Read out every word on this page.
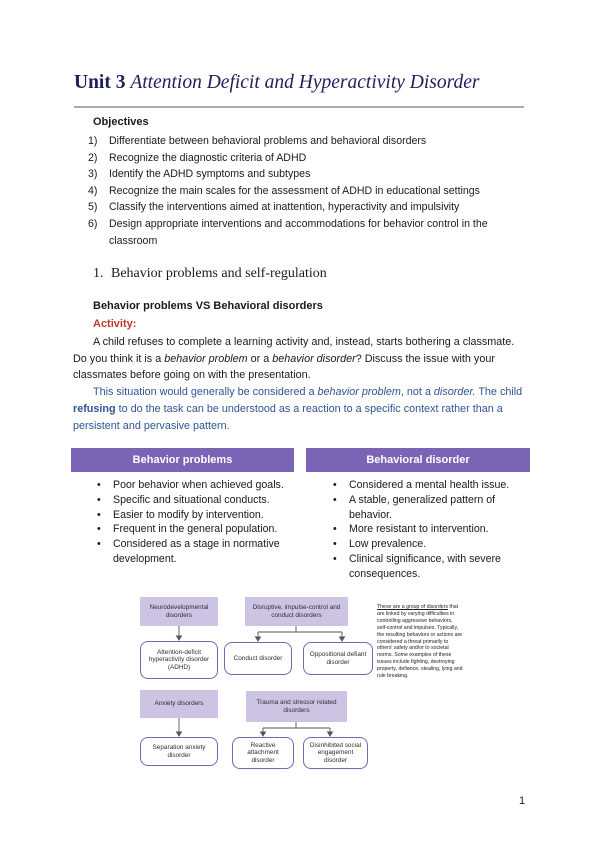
Unit 3 Attention Deficit and Hyperactivity Disorder
Objectives
1)	Differentiate between behavioral problems and behavioral disorders
2)	Recognize the diagnostic criteria of ADHD
3)	Identify the ADHD symptoms and subtypes
4)	Recognize the main scales for the assessment of ADHD in educational settings
5)	Classify the interventions aimed at inattention, hyperactivity and impulsivity
6)	Design appropriate interventions and accommodations for behavior control in the classroom
1. Behavior problems and self-regulation
Behavior problems VS Behavioral disorders
Activity:
A child refuses to complete a learning activity and, instead, starts bothering a classmate. Do you think it is a behavior problem or a behavior disorder? Discuss the issue with your classmates before going on with the presentation.
This situation would generally be considered a behavior problem, not a disorder. The child refusing to do the task can be understood as a reaction to a specific context rather than a persistent and pervasive pattern.
Behavior problems	Behavioral disorder
• Poor behavior when achieved goals.
• Specific and situational conducts.
• Easier to modify by intervention.
• Frequent in the general population.
• Considered as a stage in normative development.
• Considered a mental health issue.
• A stable, generalized pattern of behavior.
• More resistant to intervention.
• Low prevalence.
• Clinical significance, with severe consequences.
Neurodevelopmental disorders
Attention-deficit hyperactivity disorder (ADHD)
Disruptive, impulse-control and conduct disorders
Conduct disorder
Oppositional defiant disorder
These are a group of disorders that are linked by varying difficulties in controlling aggressive behaviors, self-control and impulses. Typically, the resulting behaviors or actions are considered a threat primarily to others' safety and/or to societal norms. Some examples of these issues include fighting, destroying property, defiance, stealing, lying and rule breaking.
Anxiety disorders
Separation anxiety disorder
Trauma and stressor related disorders
Reactive attachment disorder
Disinhibited social engagement disorder
1
